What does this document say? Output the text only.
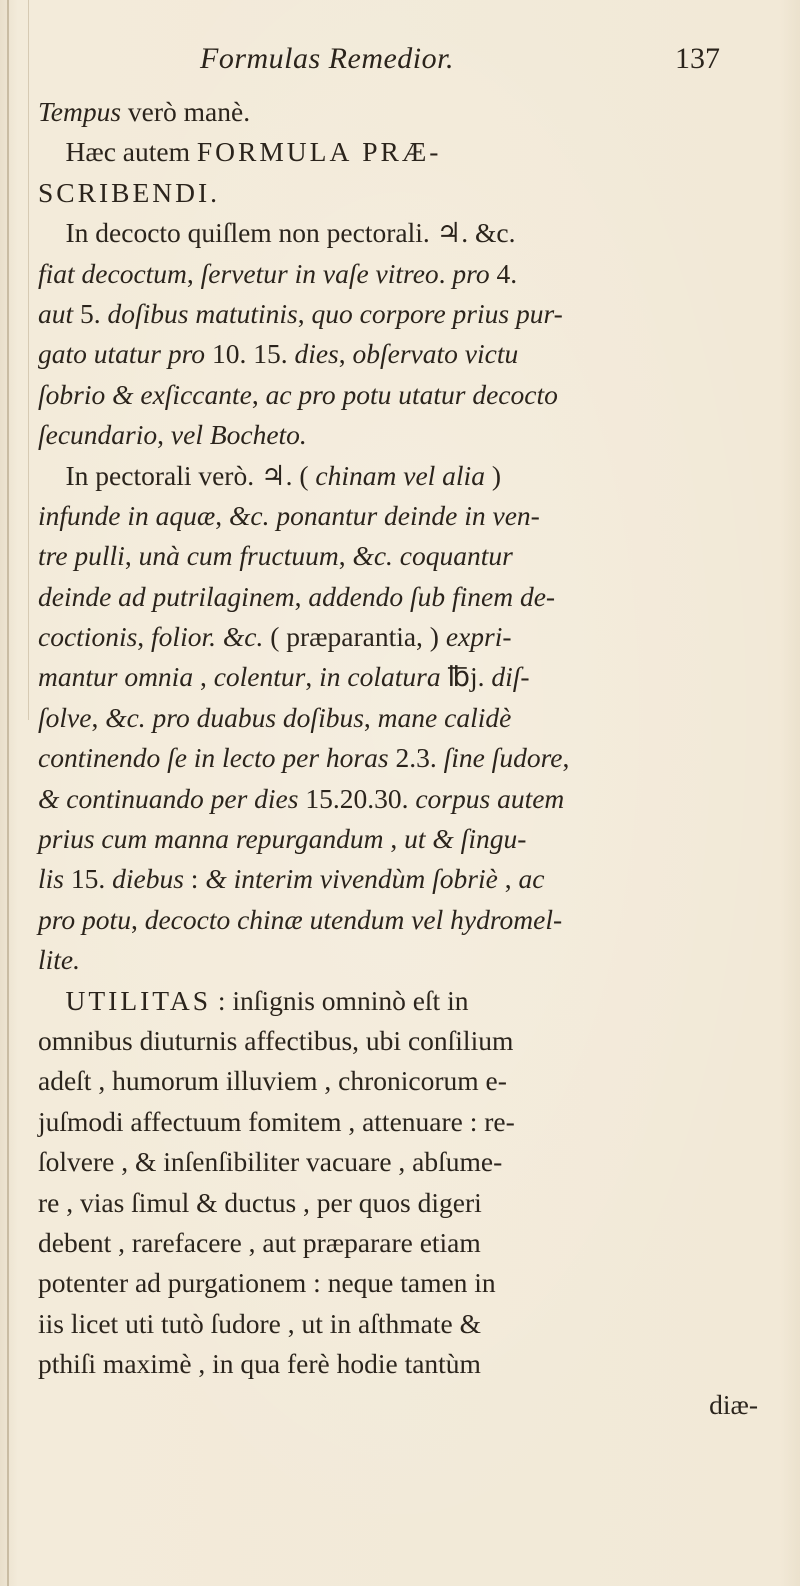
Formulas Remedior.	137
Tempus verò manè.
Hæc autem FORMULA PRÆ-
SCRIBENDI.
In decocto quiſlem non pectorali. ♃. &c.
fiat decoctum, ſervetur in vaſe vitreo. pro 4.
aut 5. doſibus matutinis, quo corpore prius pur-
gato utatur pro 10. 15. dies, obſervato victu
ſobrio & exſiccante, ac pro potu utatur decocto
ſecundario, vel Bocheto.
In pectorali verò. ♃. ( chinam vel alia )
infunde in aquæ, &c. ponantur deinde in ven-
tre pulli, unà cum fructuum, &c. coquantur
deinde ad putrilaginem, addendo ſub finem de-
coctionis, folior. &c. ( præparantia, ) expri-
mantur omnia , colentur, in colatura ℔j. diſ-
ſolve, &c. pro duabus doſibus, mane calidè
continendo ſe in lecto per horas 2.3. ſine ſudore,
& continuando per dies 15.20.30. corpus autem
prius cum manna repurgandum , ut & ſingu-
lis 15. diebus : & interim vivendùm ſobriè , ac
pro potu, decocto chinæ utendum vel hydromel-
lite.
UTILITAS : inſignis omninò eſt in
omnibus diuturnis affectibus, ubi conſilium
adeſt , humorum illuviem , chronicorum e-
juſmodi affectuum fomitem , attenuare : re-
ſolvere , & inſenſibiliter vacuare , abſume-
re , vias ſimul & ductus , per quos digeri
debent , rarefacere , aut præparare etiam
potenter ad purgationem : neque tamen in
iis licet uti tutò ſudore , ut in aſthmate &
pthiſi maximè , in qua ferè hodie tantùm
diæ-
